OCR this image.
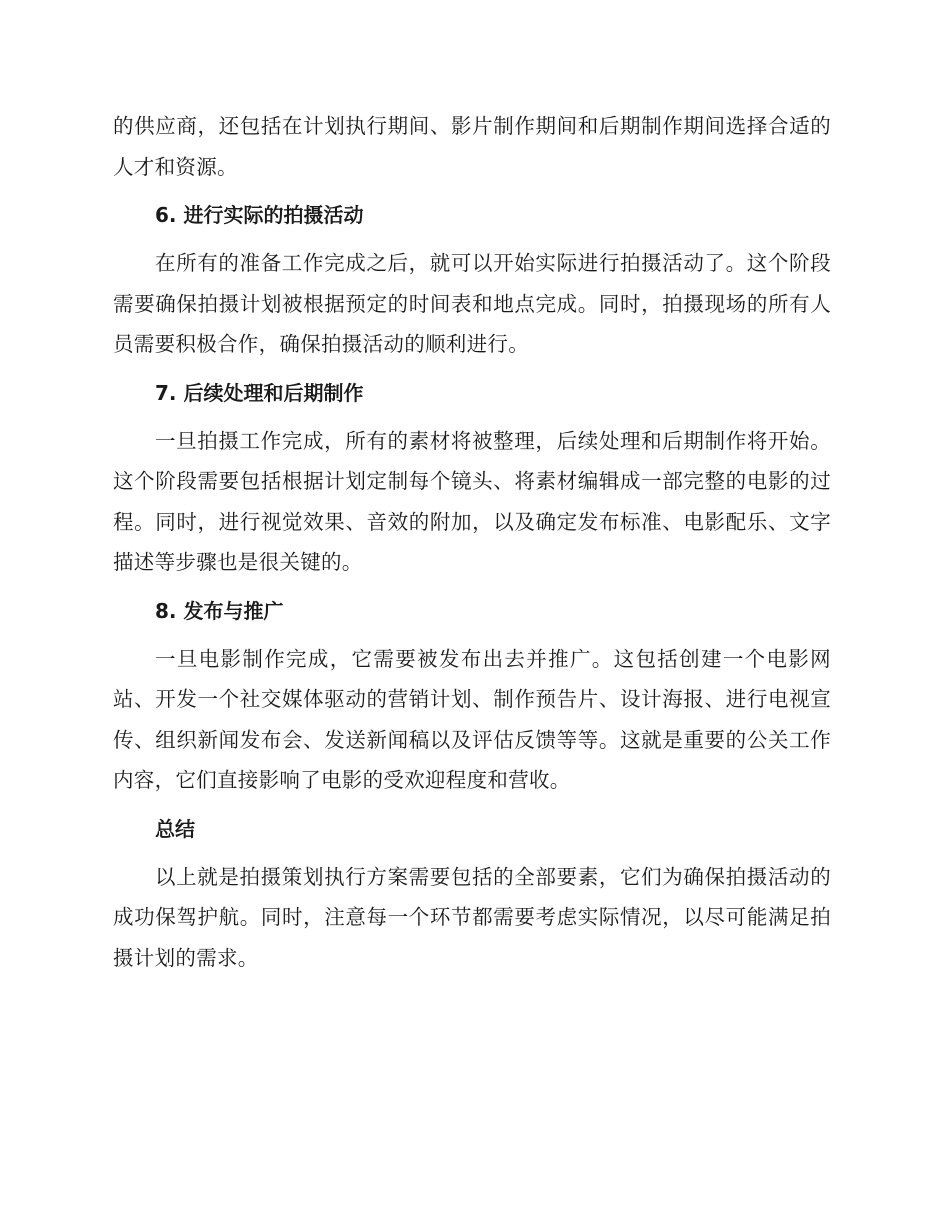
的供应商，还包括在计划执行期间、影片制作期间和后期制作期间选择合适的人才和资源。

6. 进行实际的拍摄活动

在所有的准备工作完成之后，就可以开始实际进行拍摄活动了。这个阶段需要确保拍摄计划被根据预定的时间表和地点完成。同时，拍摄现场的所有人员需要积极合作，确保拍摄活动的顺利进行。

7. 后续处理和后期制作

一旦拍摄工作完成，所有的素材将被整理，后续处理和后期制作将开始。这个阶段需要包括根据计划定制每个镜头、将素材编辑成一部完整的电影的过程。同时，进行视觉效果、音效的附加，以及确定发布标准、电影配乐、文字描述等步骤也是很关键的。

8. 发布与推广

一旦电影制作完成，它需要被发布出去并推广。这包括创建一个电影网站、开发一个社交媒体驱动的营销计划、制作预告片、设计海报、进行电视宣传、组织新闻发布会、发送新闻稿以及评估反馈等等。这就是重要的公关工作内容，它们直接影响了电影的受欢迎程度和营收。

总结

以上就是拍摄策划执行方案需要包括的全部要素，它们为确保拍摄活动的成功保驾护航。同时，注意每一个环节都需要考虑实际情况，以尽可能满足拍摄计划的需求。
